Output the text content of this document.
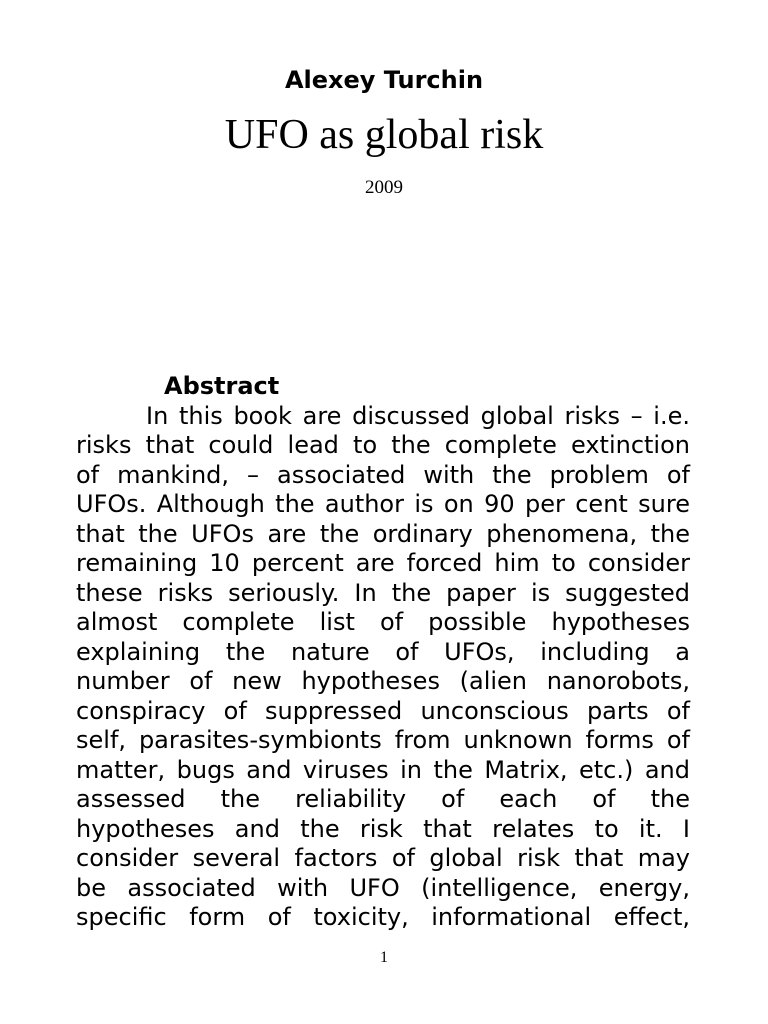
Alexey Turchin
UFO as global risk
2009
Abstract
In this book are discussed global risks – i.e.
risks that could lead to the complete extinction
of mankind, – associated with the problem of
UFOs. Although the author is on 90 per cent sure
that the UFOs are the ordinary phenomena, the
remaining 10 percent are forced him to consider
these risks seriously. In the paper is suggested
almost complete list of possible hypotheses
explaining the nature of UFOs, including a
number of new hypotheses (alien nanorobots,
conspiracy of suppressed unconscious parts of
self, parasites-symbionts from unknown forms of
matter, bugs and viruses in the Matrix, etc.) and
assessed the reliability of each of the
hypotheses and the risk that relates to it. I
consider several factors of global risk that may
be associated with UFO (intelligence, energy,
specific form of toxicity, informational effect,
1
